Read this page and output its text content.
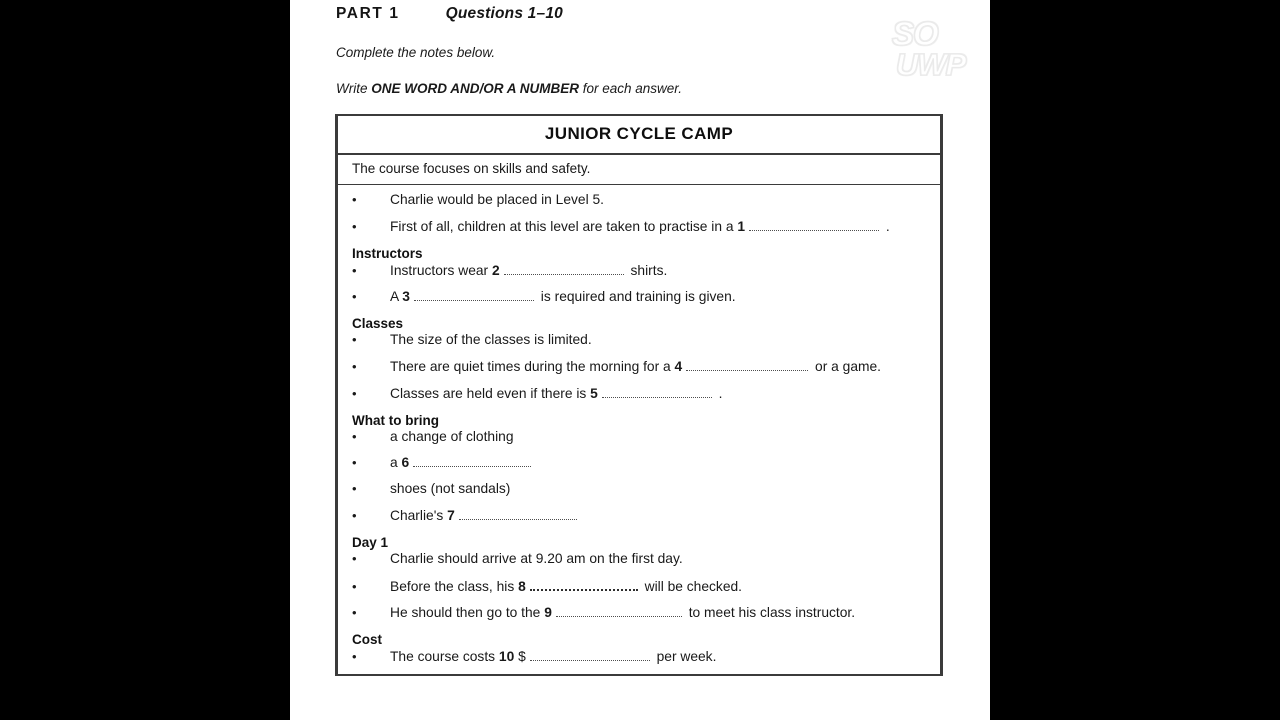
SO
UWP
PART 1	Questions 1–10
Complete the notes below.
Write ONE WORD AND/OR A NUMBER for each answer.
JUNIOR CYCLE CAMP
The course focuses on skills and safety.
•	Charlie would be placed in Level 5.
•	First of all, children at this level are taken to practise in a 1	.
Instructors
•	Instructors wear 2	shirts.
•	A 3	is required and training is given.
Classes
•	The size of the classes is limited.
•	There are quiet times during the morning for a 4	or a game.
•	Classes are held even if there is 5	.
What to bring
•	a change of clothing
•	a 6
•	shoes (not sandals)
•	Charlie's 7
Day 1
•	Charlie should arrive at 9.20 am on the first day.
•	Before the class, his 8	will be checked.
•	He should then go to the 9	to meet his class instructor.
Cost
•	The course costs 10 $	per week.
